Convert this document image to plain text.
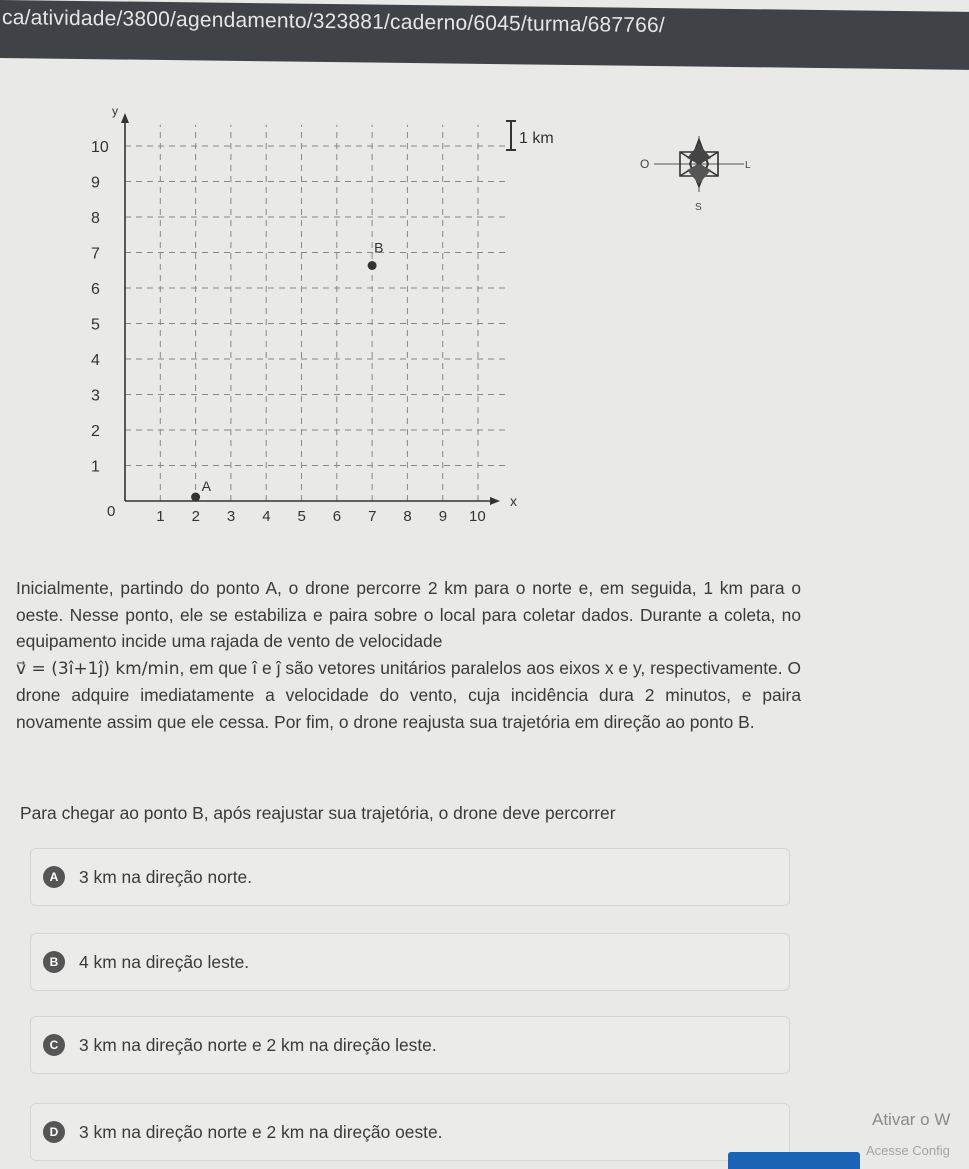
ca/atividade/3800/agendamento/323881/caderno/6045/turma/687766/
x
y
0
1
2
3
4
5
6
7
8
9
10
1 2 3 4 5 6 7 8 9 10
1 km
A
B
O	L
S

Inicialmente, partindo do ponto A, o drone percorre 2 km para o norte e, em seguida, 1 km para o oeste. Nesse ponto, ele se estabiliza e paira sobre o local para coletar dados. Durante a coleta, no equipamento incide uma rajada de vento de velocidade
v⃗ = (3î+1ĵ) km/min, em que î e ĵ são vetores unitários paralelos aos eixos x e y, respectivamente. O drone adquire imediatamente a velocidade do vento, cuja incidência dura 2 minutos, e paira novamente assim que ele cessa. Por fim, o drone reajusta sua trajetória em direção ao ponto B.

Para chegar ao ponto B, após reajustar sua trajetória, o drone deve percorrer
A	3 km na direção norte.
B	4 km na direção leste.
C	3 km na direção norte e 2 km na direção leste.
D	3 km na direção norte e 2 km na direção oeste.
Ativar o W
Acesse Config
